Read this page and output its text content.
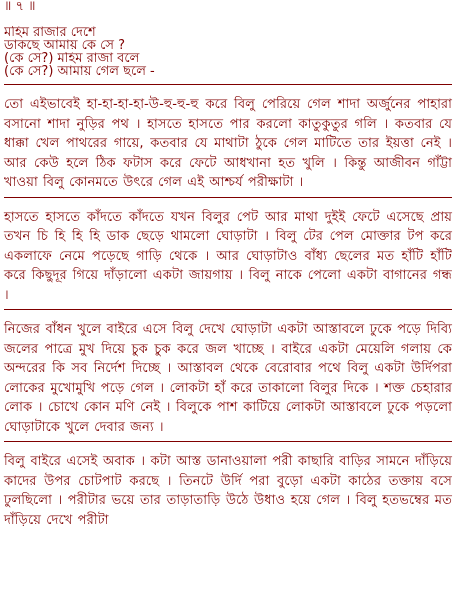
॥ ৭ ॥
মহিম রাজার দেশে
ডাকছে আমায় কে সে ?
(কে সে?) মহিম রাজা বলে
(কে সে?) আমায় গেল ছলে -
তো এইভাবেই হা-হা-হা-হা-উ-হু-হু-হু করে বিলু পেরিয়ে গেল শাদা অর্জুনের পাহারা বসানো শাদা নুড়ির পথ । হাসতে হাসতে পার করলো কাতুকুতুর গলি । কতবার যে ধাক্কা খেল পাথরের গায়ে, কতবার যে মাথাটা ঠুকে গেল মাটিতে তার ইয়ত্তা নেই । আর কেউ হলে ঠিক ফটাস করে ফেটে আধখানা হত খুলি । কিন্তু আজীবন গাঁট্টা খাওয়া বিলু কোনমতে উৎরে গেল এই আশ্চর্য পরীক্ষাটা ।
হাসতে হাসতে কাঁদতে কাঁদতে যখন বিলুর পেট আর মাথা দুইই ফেটে এসেছে প্রায় তখন চি হি হি হি ডাক ছেড়ে থামলো ঘোড়াটা । বিলু টের পেল মোক্তার টপ করে একলাফে নেমে পড়েছে গাড়ি থেকে । আর ঘোড়াটাও বাঁধ্য ছেলের মত হাঁটি হাঁটি করে কিছুদূর গিয়ে দাঁড়ালো একটা জায়গায় । বিলু নাকে পেলো একটা বাগানের গন্ধ ।
নিজের বাঁধন খুলে বাইরে এসে বিলু দেখে ঘোড়াটা একটা আস্তাবলে ঢুকে পড়ে দিব্যি জলের পাত্রে মুখ দিয়ে চুক চুক করে জল খাচ্ছে । বাইরে একটা মেয়েলি গলায় কে অন্দরের কি সব নির্দেশ দিচ্ছে । আস্তাবল থেকে বেরোবার পথে বিলু একটা উর্দিপরা লোকের মুখোমুখি পড়ে গেল । লোকটা হাঁ করে তাকালো বিলুর দিকে । শক্ত চেহারার লোক । চোখে কোন মণি নেই । বিলুকে পাশ কাটিয়ে লোকটা আস্তাবলে ঢুকে পড়লো ঘোড়াটাকে খুলে দেবার জন্য ।
বিলু বাইরে এসেই অবাক । কটা আস্ত ডানাওয়ালা পরী কাছারি বাড়ির সামনে দাঁড়িয়ে কাদের উপর চোটপাট করছে । তিনটে উর্দি পরা বুড়ো একটা কাঠের তক্তায় বসে ঢুলছিলো । পরীটার ভয়ে তার তাড়াতাড়ি উঠে উধাও হয়ে গেল । বিলু হতভম্বের মত দাঁড়িয়ে দেখে পরীটা
